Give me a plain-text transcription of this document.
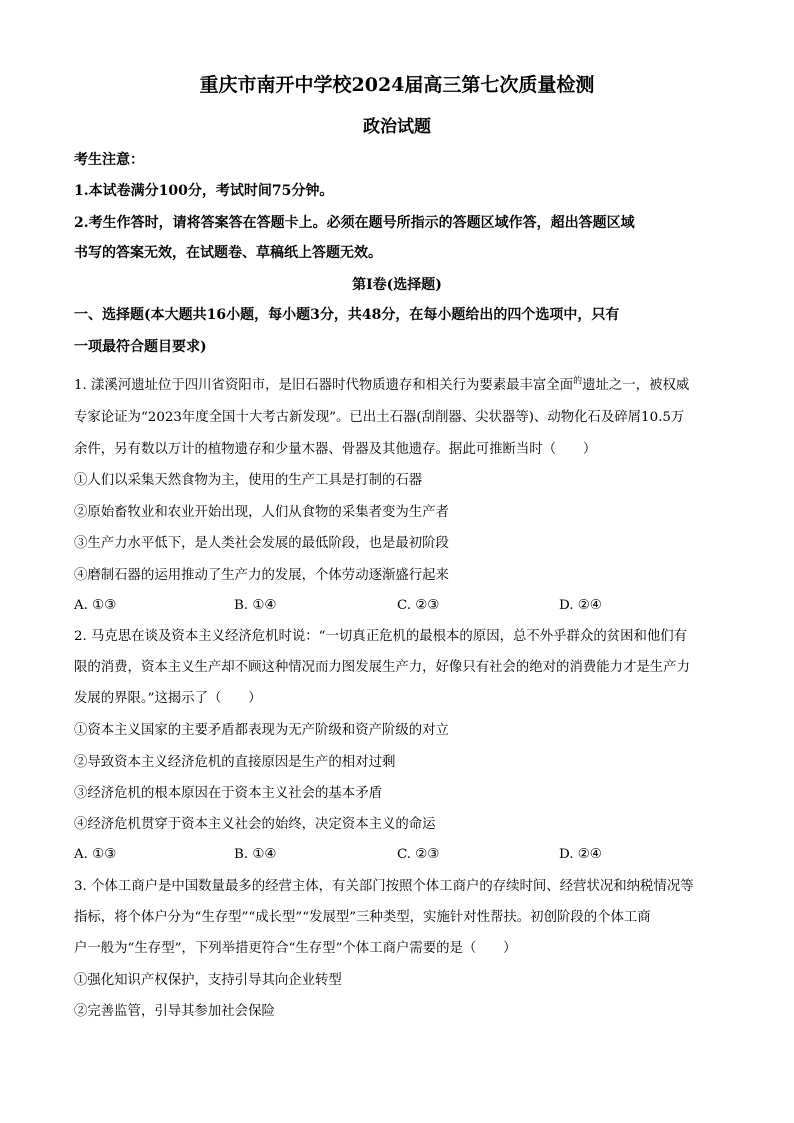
重庆市南开中学校2024届高三第七次质量检测
政治试题
考生注意：
1.本试卷满分100分，考试时间75分钟。
2.考生作答时，请将答案答在答题卡上。必须在题号所指示的答题区域作答，超出答题区域
书写的答案无效，在试题卷、草稿纸上答题无效。
第Ⅰ卷(选择题)
一、选择题(本大题共16小题，每小题3分，共48分，在每小题给出的四个选项中，只有
一项最符合题目要求)
1. 漾溪河遗址位于四川省资阳市，是旧石器时代物质遗存和相关行为要素最丰富全面$^的$遗址之一，被权威
专家论证为“2023年度全国十大考古新发现”。已出土石器(刮削器、尖状器等)、动物化石及碎屑10.5万
余件，另有数以万计的植物遗存和少量木器、骨器及其他遗存。据此可推断当时（　　）
①人们以采集天然食物为主，使用的生产工具是打制的石器
②原始畜牧业和农业开始出现，人们从食物的采集者变为生产者
③生产力水平低下，是人类社会发展的最低阶段，也是最初阶段
④磨制石器的运用推动了生产力的发展，个体劳动逐渐盛行起来
A. ①③	B. ①④	C. ②③	D. ②④
2. 马克思在谈及资本主义经济危机时说：“一切真正危机的最根本的原因，总不外乎群众的贫困和他们有
限的消费，资本主义生产却不顾这种情况而力图发展生产力，好像只有社会的绝对的消费能力才是生产力
发展的界限。”这揭示了（　　）
①资本主义国家的主要矛盾都表现为无产阶级和资产阶级的对立
②导致资本主义经济危机的直接原因是生产的相对过剩
③经济危机的根本原因在于资本主义社会的基本矛盾
④经济危机贯穿于资本主义社会的始终，决定资本主义的命运
A. ①③	B. ①④	C. ②③	D. ②④
3. 个体工商户是中国数量最多的经营主体，有关部门按照个体工商户的存续时间、经营状况和纳税情况等
指标，将个体户分为“生存型”“成长型”“发展型”三种类型，实施针对性帮扶。初创阶段的个体工商
户一般为“生存型”，下列举措更符合“生存型”个体工商户需要的是（　　）
①强化知识产权保护，支持引导其向企业转型
②完善监管，引导其参加社会保险
